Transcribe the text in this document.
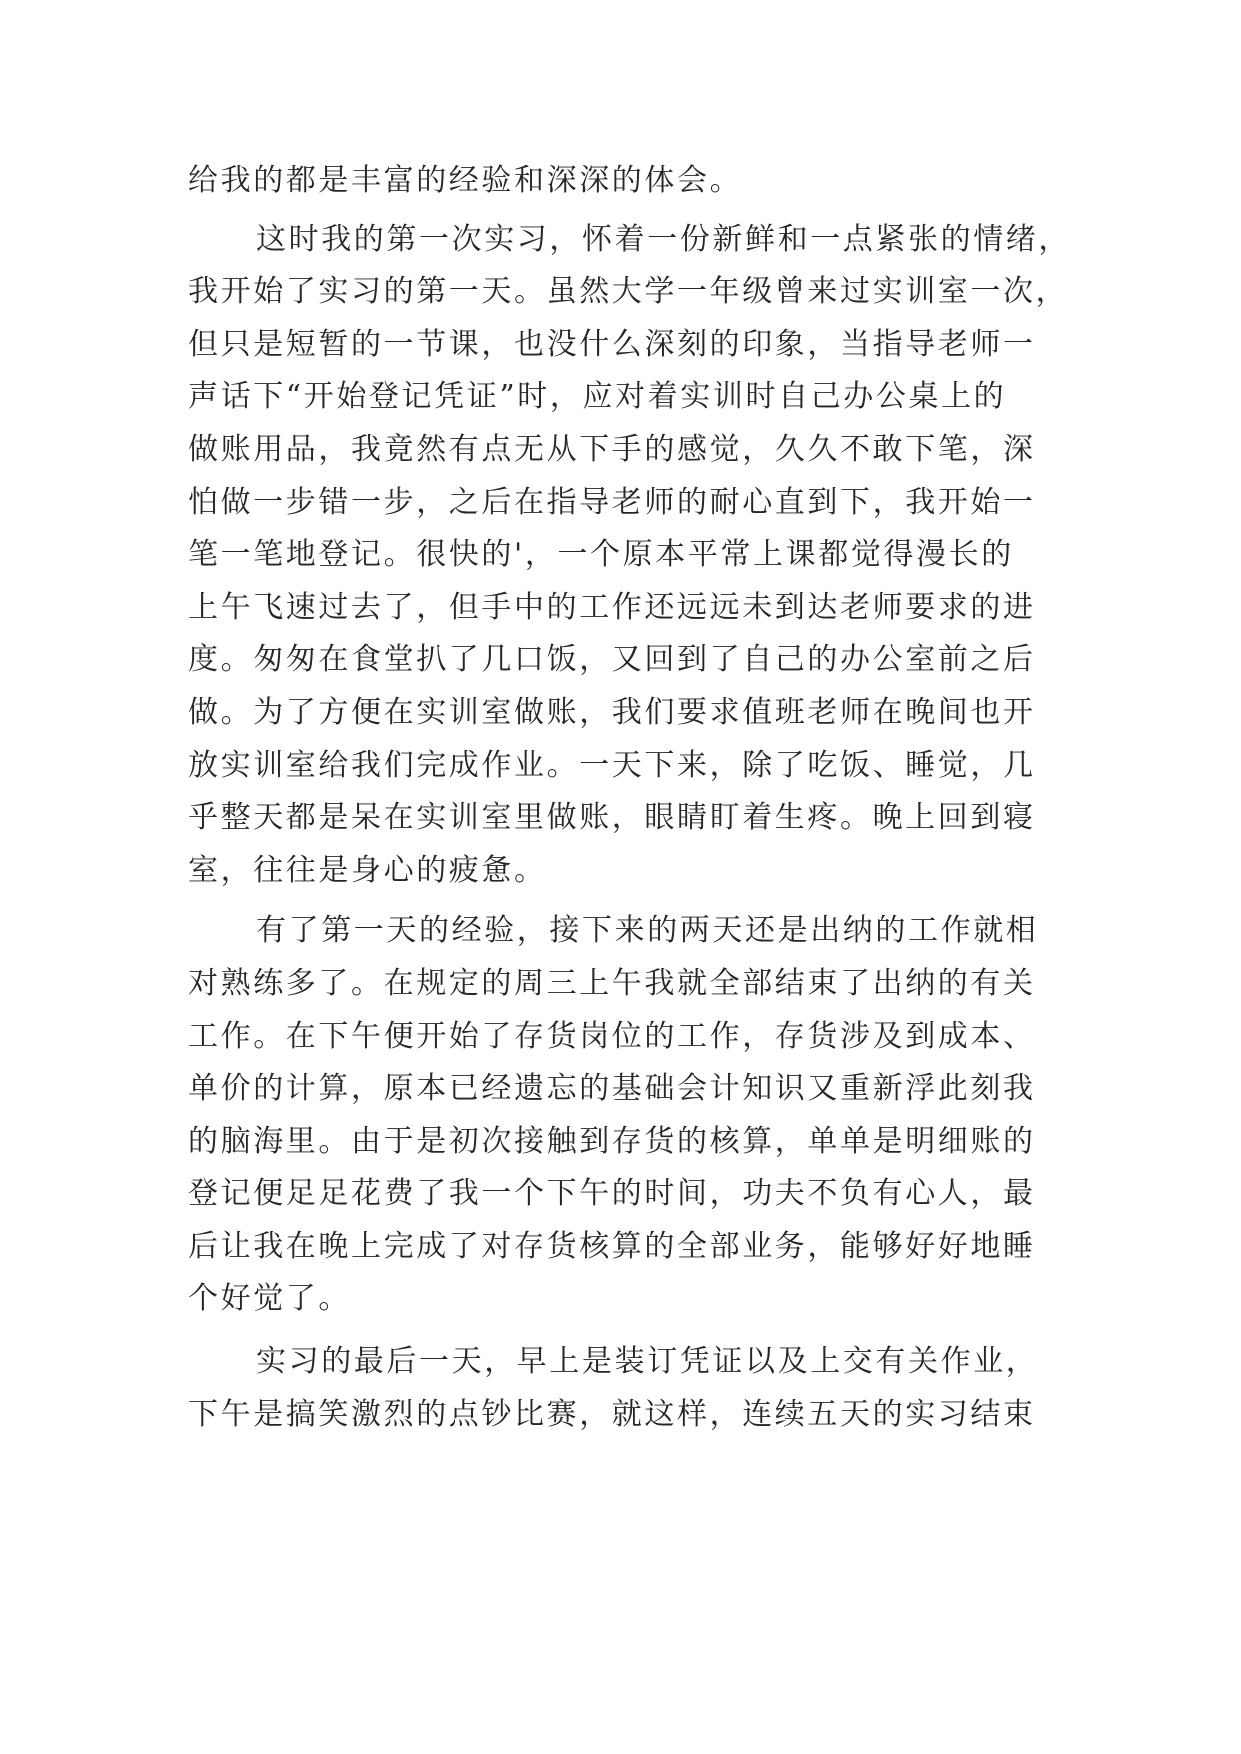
给我的都是丰富的经验和深深的体会。
这时我的第一次实习，怀着一份新鲜和一点紧张的情绪，
我开始了实习的第一天。虽然大学一年级曾来过实训室一次，
但只是短暂的一节课，也没什么深刻的印象，当指导老师一
声话下“开始登记凭证”时，应对着实训时自己办公桌上的
做账用品，我竟然有点无从下手的感觉，久久不敢下笔，深
怕做一步错一步，之后在指导老师的耐心直到下，我开始一
笔一笔地登记。很快的'，一个原本平常上课都觉得漫长的
上午飞速过去了，但手中的工作还远远未到达老师要求的进
度。匆匆在食堂扒了几口饭，又回到了自己的办公室前之后
做。为了方便在实训室做账，我们要求值班老师在晚间也开
放实训室给我们完成作业。一天下来，除了吃饭、睡觉，几
乎整天都是呆在实训室里做账，眼睛盯着生疼。晚上回到寝
室，往往是身心的疲惫。
有了第一天的经验，接下来的两天还是出纳的工作就相
对熟练多了。在规定的周三上午我就全部结束了出纳的有关
工作。在下午便开始了存货岗位的工作，存货涉及到成本、
单价的计算，原本已经遗忘的基础会计知识又重新浮此刻我
的脑海里。由于是初次接触到存货的核算，单单是明细账的
登记便足足花费了我一个下午的时间，功夫不负有心人，最
后让我在晚上完成了对存货核算的全部业务，能够好好地睡
个好觉了。
实习的最后一天，早上是装订凭证以及上交有关作业，
下午是搞笑激烈的点钞比赛，就这样，连续五天的实习结束
